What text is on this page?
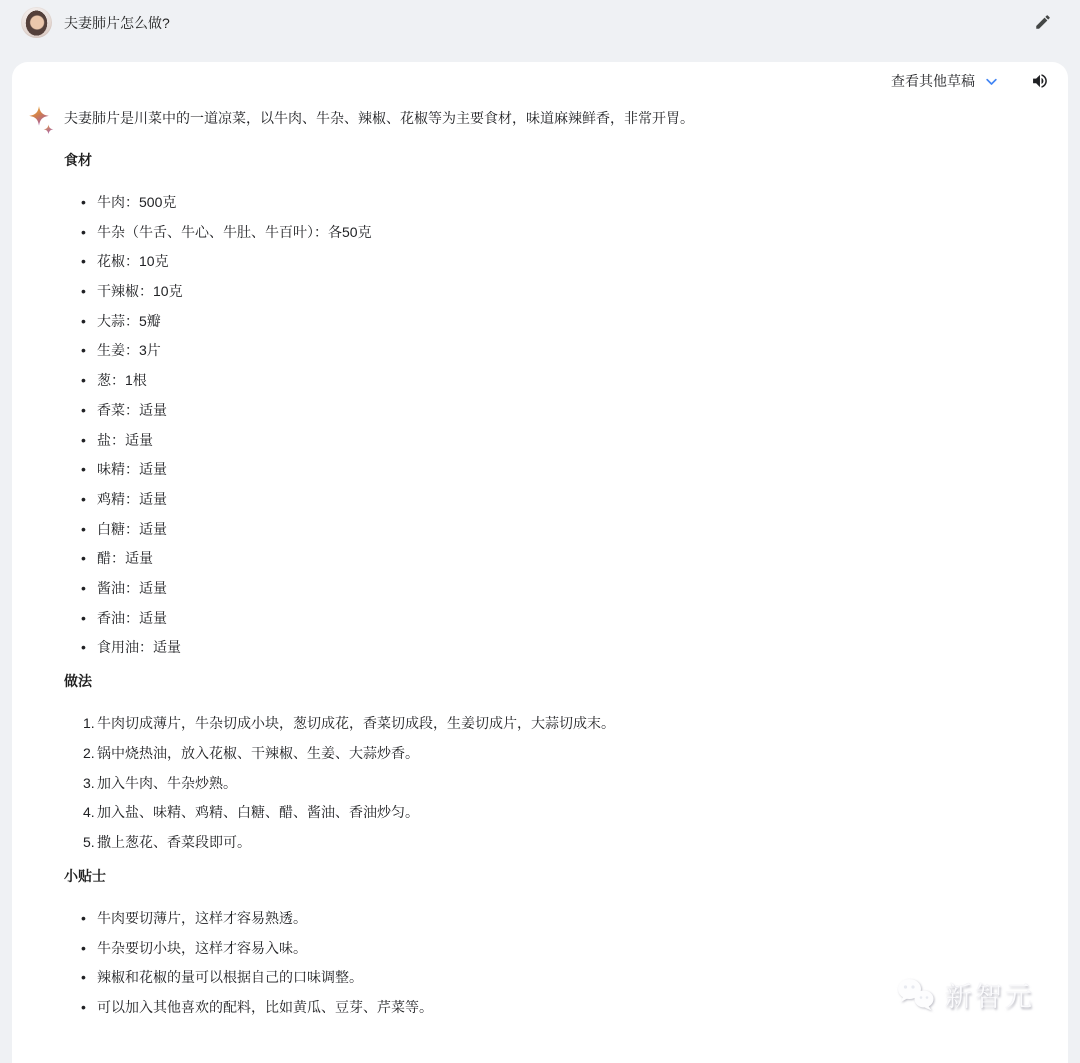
夫妻肺片怎么做?
查看其他草稿

夫妻肺片是川菜中的一道凉菜，以牛肉、牛杂、辣椒、花椒等为主要食材，味道麻辣鲜香，非常开胃。

食材
• 牛肉：500克
• 牛杂（牛舌、牛心、牛肚、牛百叶）：各50克
• 花椒：10克
• 干辣椒：10克
• 大蒜：5瓣
• 生姜：3片
• 葱：1根
• 香菜：适量
• 盐：适量
• 味精：适量
• 鸡精：适量
• 白糖：适量
• 醋：适量
• 酱油：适量
• 香油：适量
• 食用油：适量
做法
牛肉切成薄片，牛杂切成小块，葱切成花，香菜切成段，生姜切成片，大蒜切成末。
锅中烧热油，放入花椒、干辣椒、生姜、大蒜炒香。
加入牛肉、牛杂炒熟。
加入盐、味精、鸡精、白糖、醋、酱油、香油炒匀。
撒上葱花、香菜段即可。
小贴士
• 牛肉要切薄片，这样才容易熟透。
• 牛杂要切小块，这样才容易入味。
• 辣椒和花椒的量可以根据自己的口味调整。
• 可以加入其他喜欢的配料，比如黄瓜、豆芽、芹菜等。	新智元
